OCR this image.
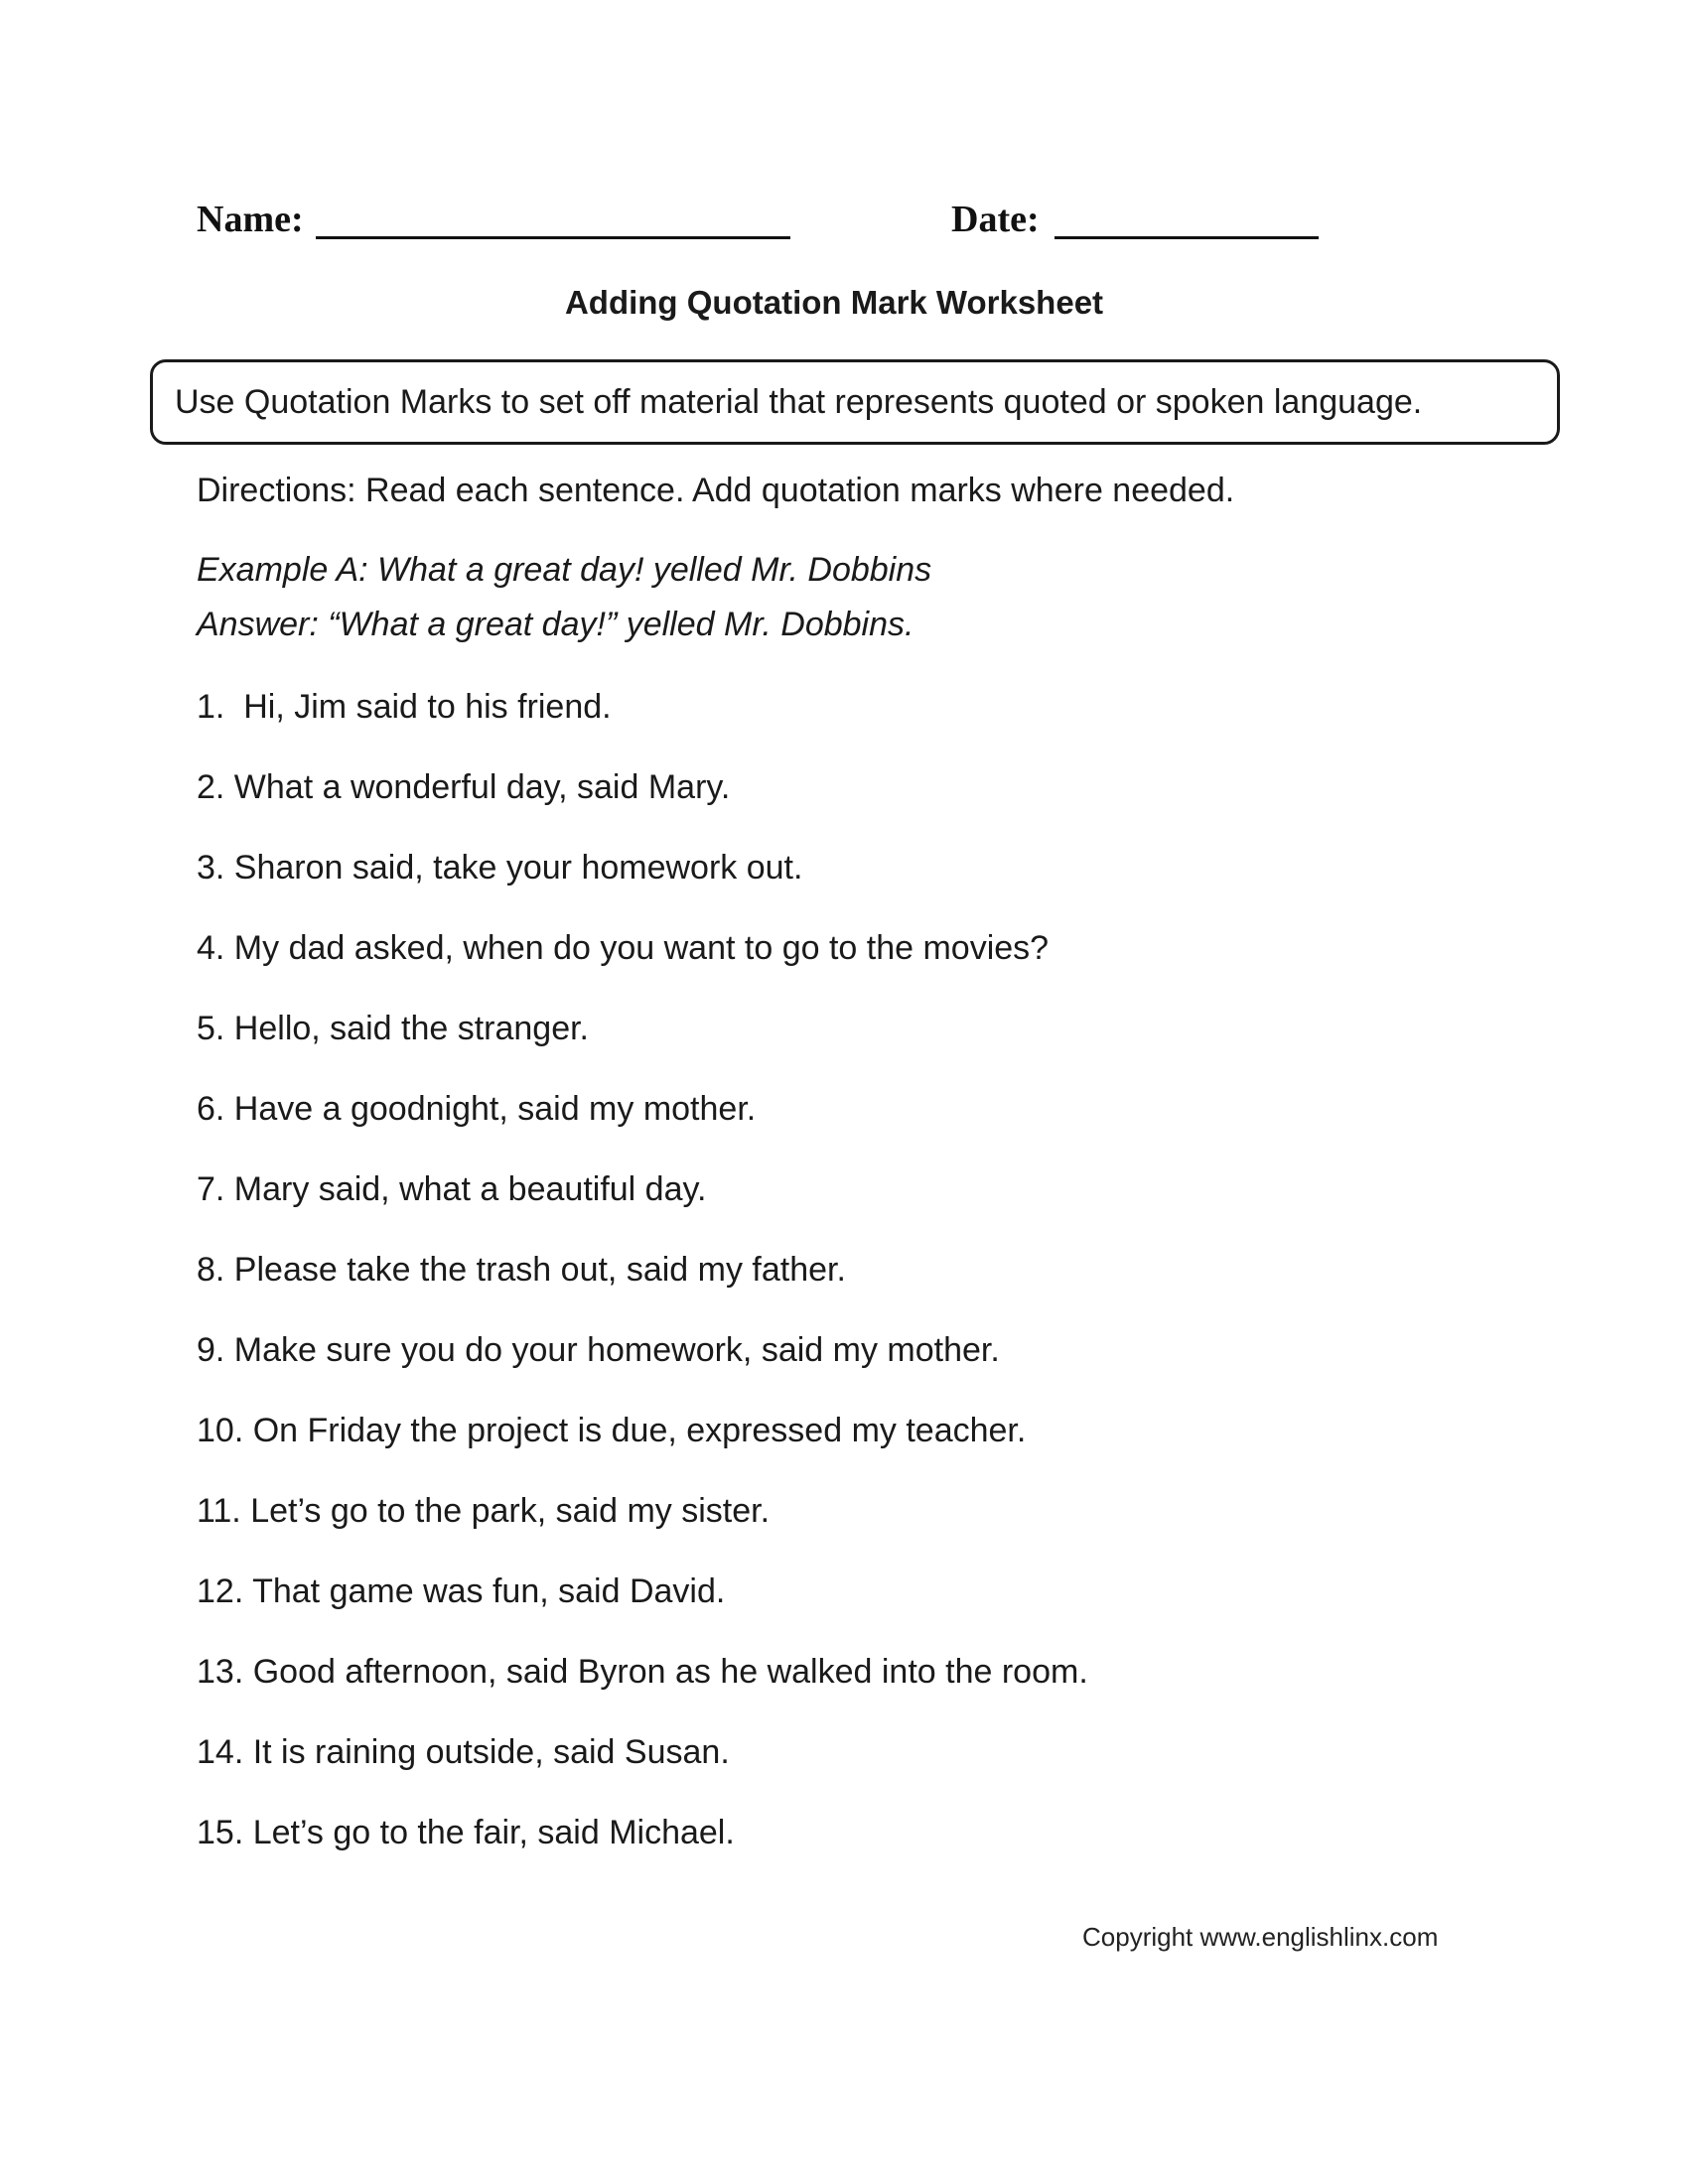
Name:	Date:
Adding Quotation Mark Worksheet
Use Quotation Marks to set off material that represents quoted or spoken language.
Directions: Read each sentence. Add quotation marks where needed.
Example A: What a great day! yelled Mr. Dobbins
Answer: “What a great day!” yelled Mr. Dobbins.
1.  Hi, Jim said to his friend.
2. What a wonderful day, said Mary.
3. Sharon said, take your homework out.
4. My dad asked, when do you want to go to the movies?
5. Hello, said the stranger.
6. Have a goodnight, said my mother.
7. Mary said, what a beautiful day.
8. Please take the trash out, said my father.
9. Make sure you do your homework, said my mother.
10. On Friday the project is due, expressed my teacher.
11. Let’s go to the park, said my sister.
12. That game was fun, said David.
13. Good afternoon, said Byron as he walked into the room.
14. It is raining outside, said Susan.
15. Let’s go to the fair, said Michael.
Copyright www.englishlinx.com
